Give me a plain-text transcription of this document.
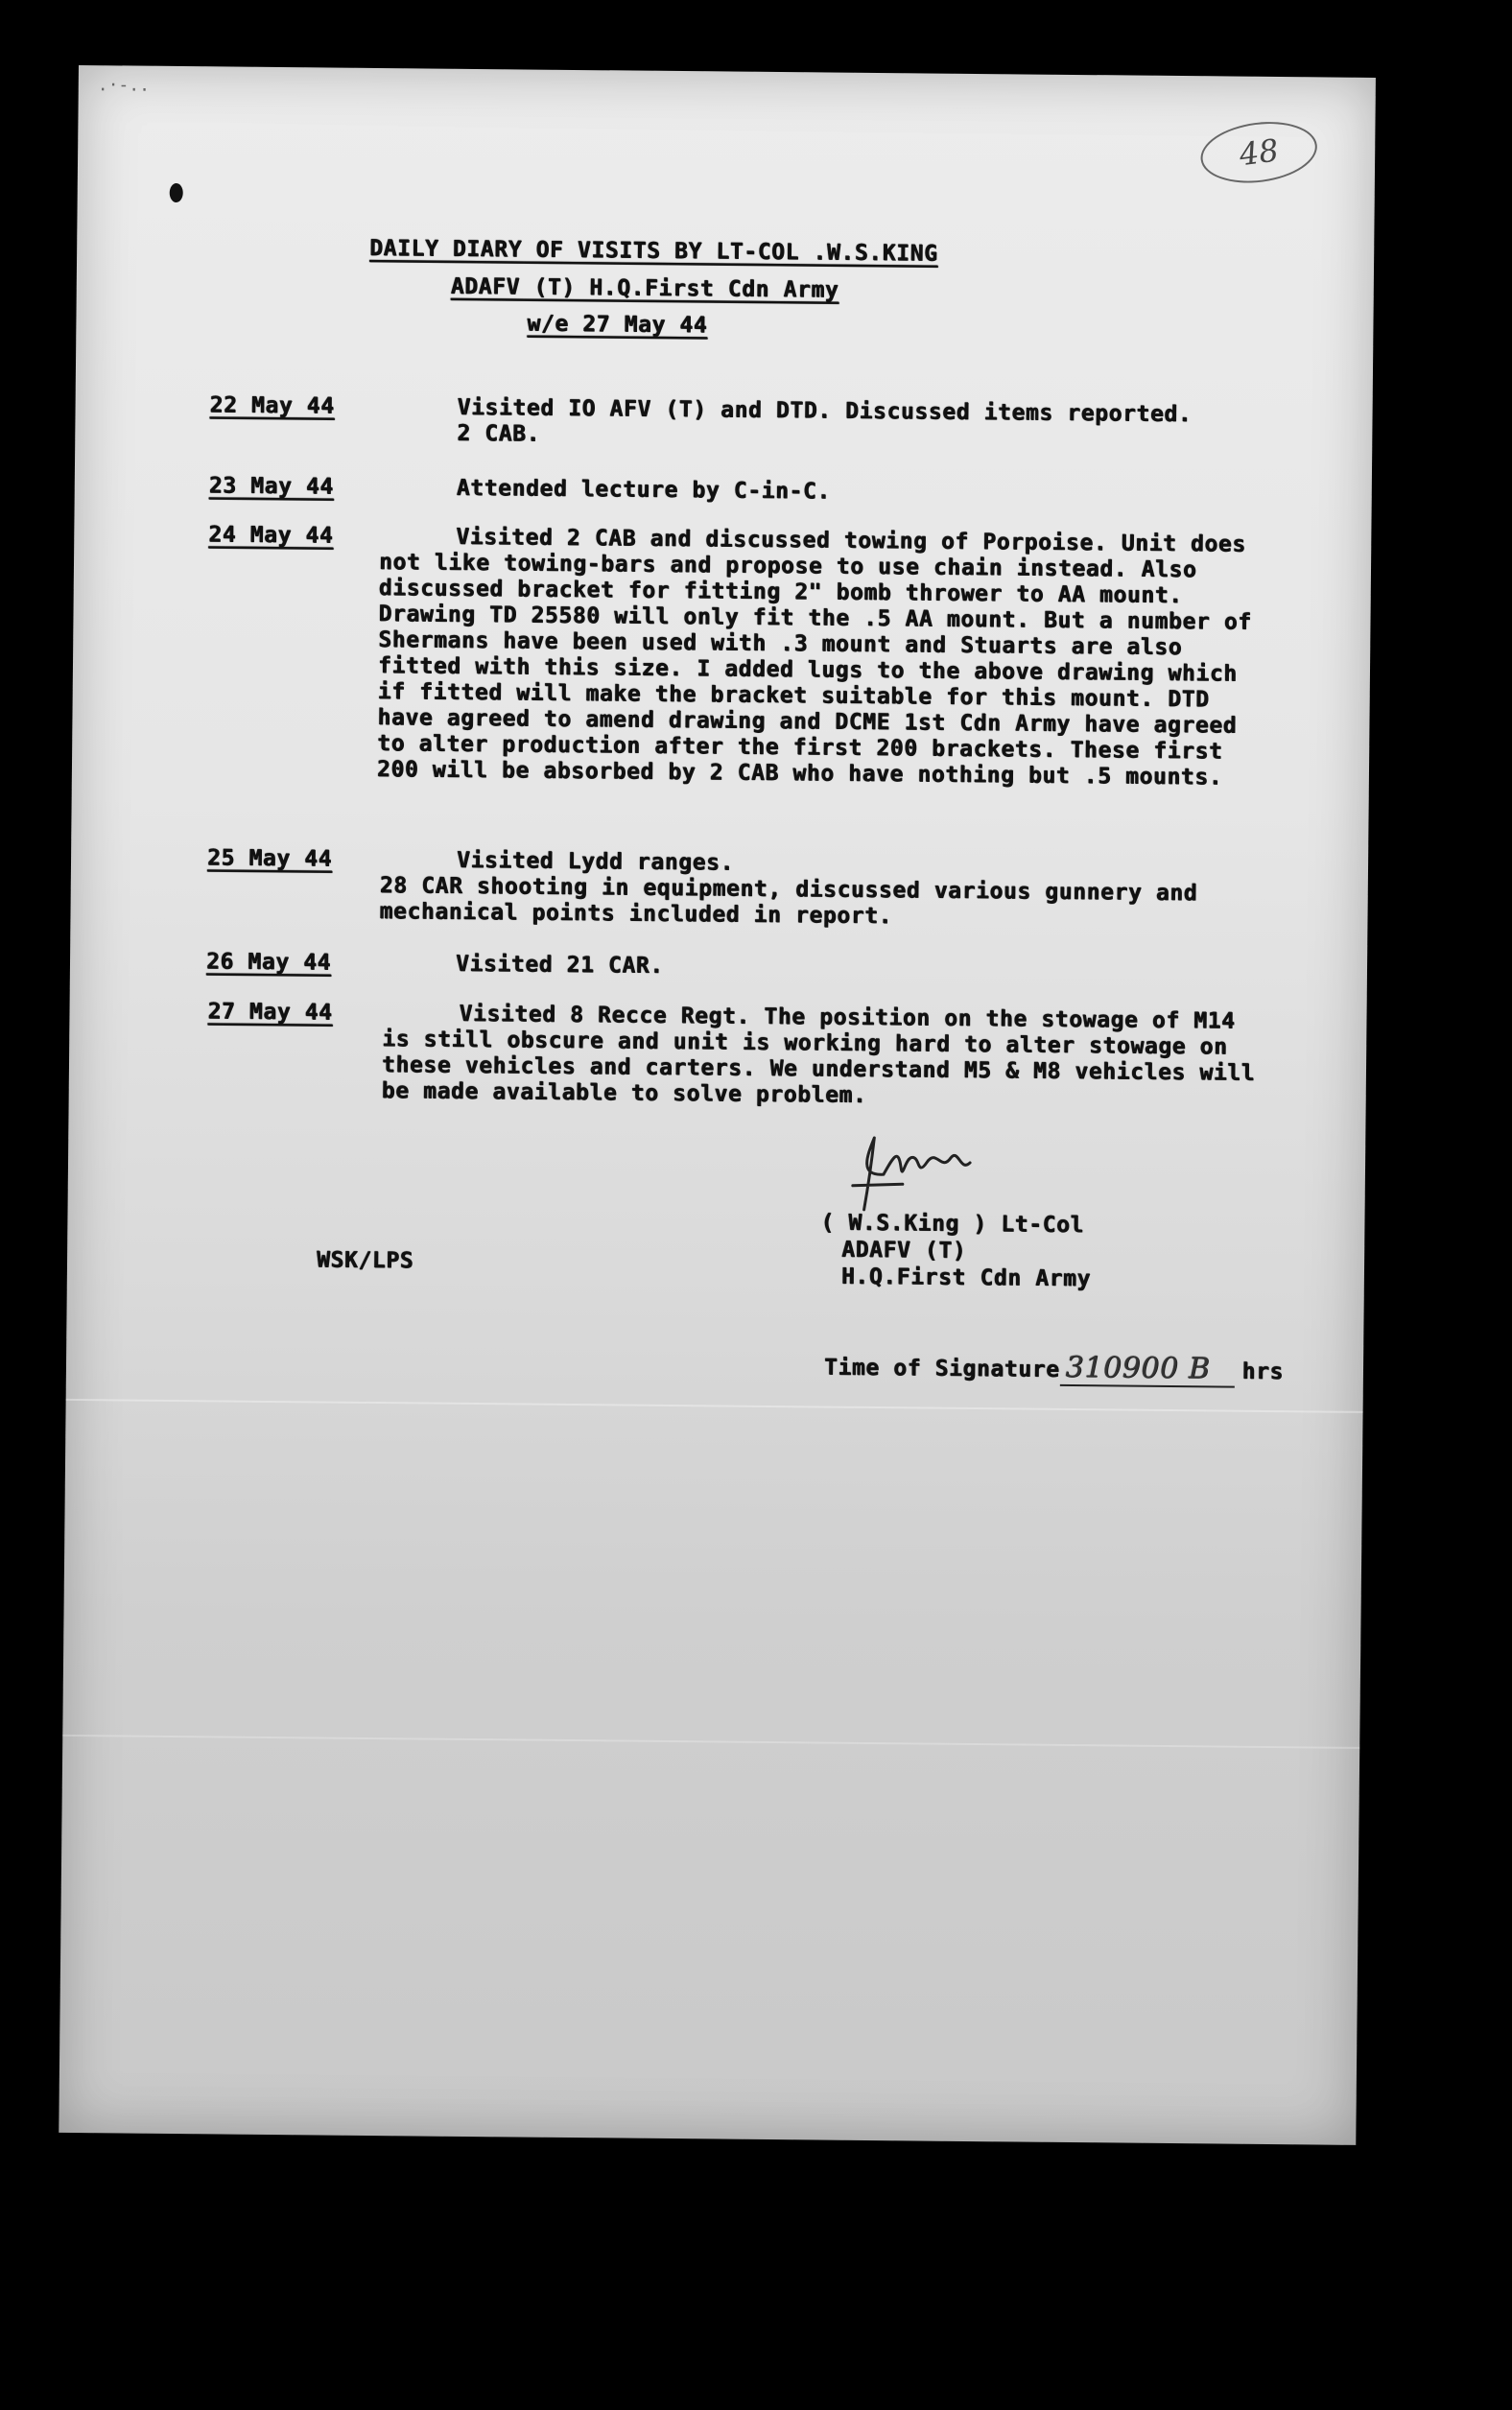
.·-..
48
DAILY DIARY OF VISITS BY LT-COL .W.S.KING
ADAFV (T) H.Q.First Cdn Army
w/e 27 May 44
22 May 44	Visited IO AFV (T) and DTD. Discussed items reported.
2 CAB.
23 May 44	Attended lecture by C-in-C.
24 May 44	Visited 2 CAB and discussed towing of Porpoise. Unit does not like towing-bars and propose to use chain instead. Also discussed bracket for fitting 2" bomb thrower to AA mount. Drawing TD 25580 will only fit the .5 AA mount. But a number of Shermans have been used with .3 mount and Stuarts are also fitted with this size. I added lugs to the above drawing which if fitted will make the bracket suitable for this mount. DTD have agreed to amend drawing and DCME 1st Cdn Army have agreed to alter production after the first 200 brackets. These first 200 will be absorbed by 2 CAB who have nothing but .5 mounts.
25 May 44	Visited Lydd ranges.
28 CAR shooting in equipment, discussed various gunnery and mechanical points included in report.
26 May 44	Visited 21 CAR.
27 May 44	Visited 8 Recce Regt. The position on the stowage of M14 is still obscure and unit is working hard to alter stowage on these vehicles and carters. We understand M5 & M8 vehicles will be made available to solve problem.
( W.S.King ) Lt-Col
ADAFV (T)
H.Q.First Cdn Army
WSK/LPS
Time of Signature 310900 B	hrs
